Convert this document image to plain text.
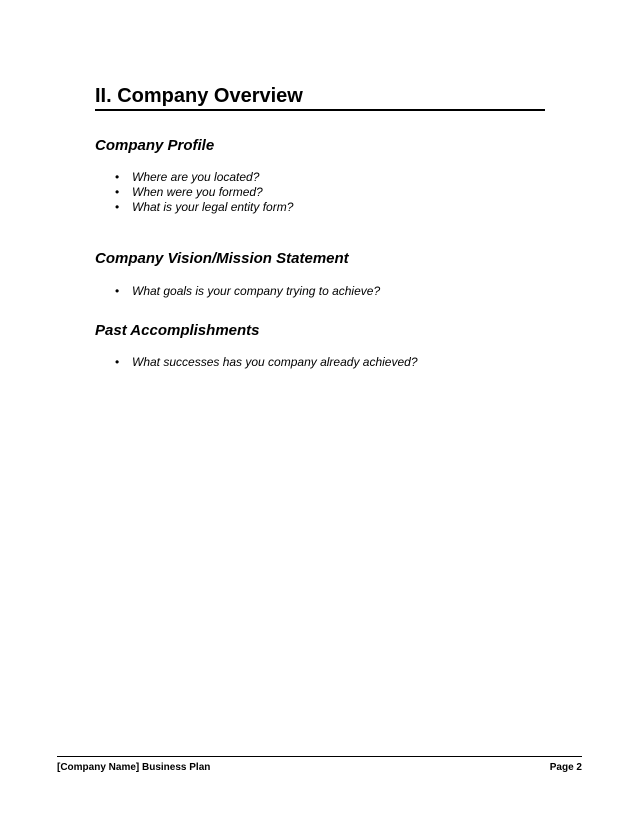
II. Company Overview
Company Profile
• Where are you located?
• When were you formed?
• What is your legal entity form?
Company Vision/Mission Statement
• What goals is your company trying to achieve?
Past Accomplishments
• What successes has you company already achieved?
[Company Name] Business Plan	Page 2
